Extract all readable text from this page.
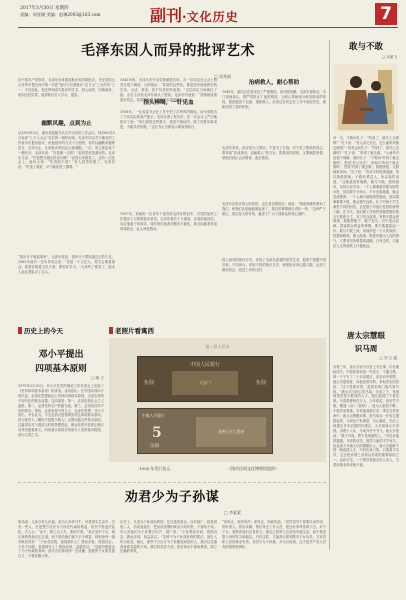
2017年3月30日 星期四
责编：刘亚晓 美编：赵琳2003@163.com	副刊·文化历史	7
毛泽东因人而异的批评艺术
□ 邓秀娟
在中国共产党领导，毛泽东向来重视批评和自我批评，并在党的五大作风中提出向中第一次把“批评与自我批评”定义为“三大作风”之一。不仅如此，他还特别讲究批评的艺术，因人而异，因事而异，收到良好效果，值得我们后人学习、借鉴。
幽默风趣，点到为止
从1959年3月，湖北省委秘书长召开全省的工作会议。到1962年5月参加“七千人大会”以后的一段时间里，毛泽东同志对于湖北的工作曾多次提出批评，但他批评的方式十分独特，有的以幽默风趣的语言，点到为止，让被批评的同志心悦诚服。一次，省主席赵某下一趟长沙，毛泽东说：“你是哪一边的？”赵回答说是湖北的，毛泽东又说：“你是想当湖北的省长啊？”说得大家都笑了。还有一次在会上，他问大家：“吃得饱不饱？”有人回答吃饱了，毛泽东说：“吃饱了就好，可不能吃饱了撑着。”
“知识分子做起事来”，毛泽东常说，知识分子要知道自己的不足。1961年他对一位负责同志说：“你是一个文化人，要学会尊重群众。我看你就是文化不高，要好好学习。”大家听了都笑了，他本人也红着脸点了点头。
1943年秋，毛泽东在中央党校做报告时，对一位同志在大会上的发言很不满意，当即指出：“你讲的这些话，都是没有调查研究的空话、大话、套话，是不负责任的表现。”这位同志当场就红了脸，会后主动找毛泽东承认了错误。毛泽东对他说：“知错就改就是好同志，希望你以后多到基层去调查研究。”
指头棒喝，一针见血
1958年，一位省委书记在工作中犯了浮夸风的错误，向中央报告了不切实际的高产数字。毛泽东看了报告后，在一次会议上严厉地批评了他：“你们报的这些数字，我是不相信的。做工作要实事求是，不能弄虚作假。”这位书记当即表示要深刻检讨。
1957年，某地的一位青年干部在给毛泽东的信中，对党的某些工作提出了尖锐的批评意见。毛泽东看后十分重视，亲笔给他回信，肯定他敢于说真话，同时指出他看问题有片面性，要全面地看待成绩和缺点，此人深受感动。
治病救人，耐心帮助
1945年，某同志在延安犯了严重错误，被开除党籍。毛泽东得知后，专门找他谈心，既严肃批评了他的错误，又耐心帮助他分析犯错误的原因，鼓励他放下包袱，重新做人。后来这位同志在工作中表现突出，重新回到了党的怀抱。
毛泽东常说，批评是为了团结，不是为了打倒。对于犯了错误的同志，要采取“惩前毖后，治病救人”的方针，既要坚持原则，又要满腔热情，使他们真正认识错误、改正错误。
毛泽东在批评别人的同时，也注意自我批评。他说：“错误和挫折教训了我们，使我们比较地聪明起来了，我们的事情就办得好一些。”这种严于律己、宽以待人的作风，赢得了广大干部群众的衷心拥护。
因人而异的批评方式，体现了毛泽东高超的领导艺术。他善于根据不同对象、不同场合，采取不同的批评方法，使被批评者心服口服，达到了团结同志、改进工作的目的。
敢与不敢
□ 吴丽飞
有一天，子路问孔子：“听到了，就马上去做吗？”孔子说：“有父亲兄长在，怎么能听到就去做呢？”冉有也问孔子：“听到了，就马上去做吗？”孔子说：“听到了就去做。”公西华对此很不理解，就问孔子：“子路问‘听到了就去做吗’，您说‘有父兄在’；冉有问‘听到了就去做吗’，您说‘听到了就去做’。我很困惑，大胆地来问问。”孔子说：“冉求平时做事退缩，所以我鼓励他；子路好勇过人，所以我约束他。”这就是因材施教。敢与不敢，看似简单，实则大有学问。一个人做事敢作敢为固然可贵，但如果不分场合、不计后果地敢，就会变成鲁莽；一个人谨小慎微固然稳妥，但如果事事都不敢，就会错失良机。孔子对两个学生截然不同的回答，正是基于对他们性格的深刻了解。在今天，我们做工作同样需要把握好敢与不敢的分寸。对于符合原则、有利于群众的事情，要敢想敢干、敢于担当；对于违反纪律、损害群众利益的事情，要不敢越雷池一步。敢与不敢之间，体现的是一个人的原则、智慧和修养。做人做事，既要有敢为人先的勇气，又要有知所敬畏的清醒。只有这样，才能在人生的道路上行稳致远。
历史上的今天
邓小平提出
四项基本原则
□ 晓 文
1979年3月30日，邓小平在党的理论工作务虚会上发表了《坚持四项基本原则》的讲话。讲话指出：在中国实现四个现代化，必须在思想政治上坚持四项基本原则。这是实现四个现代化的根本前提。这四项是：第一，必须坚持社会主义道路；第二，必须坚持无产阶级专政；第三，必须坚持共产党的领导；第四，必须坚持马列主义、毛泽东思想。邓小平指出，中央认为，今天必须反复强调坚持这四项基本原则，因为某些人（哪怕只是极少数人）企图动摇这些基本原则。这篇讲话对于澄清当时的思想混乱，保证改革开放的正确方向具有重要意义。四项基本原则后来被写入党的基本路线，成为立国之本。
老照片看寓西
第二套人民币
中国人民银行
天安门
伍圆	伍圆
中國人民銀行
5	各族人民大团结
伍圆
1956 年发行伍元	（钱币民间文化博物馆提供）
唐太宗慧眼
识马周
□ 刘 文 越
贞观三年，唐太宗诏令百官上书言事，讨论朝政得失。中郎将常何是一介武夫，不通文墨，却一下子写了二十多条建议，条条切中时弊，唐太宗很惊讶，问他是谁写的。常何老实回答说：“这不是我写的，是我家的门客马周写的。”唐太宗当即召见马周，交谈之下，发现他果然是个难得的人才，便让他到门下省任职。马周是博州茌平人，少年孤贫，但好学不倦，精通《诗》《春秋》。他为人豪放不羁，不被乡里看重。后来他西游长安，寄住在常何家中。唐太宗慧眼识珠，把马周从一介布衣提拔起来，马周也不负重望，尽心辅佐，先后上疏提出许多治国的好建议，大多被唐太宗采纳。贞观十八年，马周升任中书令。唐太宗曾说：“我于马周，暂不见则便思之。”可见对他的器重。马周的成功，固然与他的才学有关，但也离不开唐太宗的慧眼识人。唐太宗能够不拘一格选拔人才，不问出身门第，只看真才实学，这正是贞观之治得以形成的重要原因之一。由此可见，一个领导者能否识人用人，关系到事业的成败兴衰。
劝君少为子孙谋
□ 李素素
俗话说：儿孙自有儿孙福，莫为儿孙作马牛。可是现实生活中，总有一些人，总是想方设法为子孙后代谋取利益，甚至不惜违法乱纪。古人云：“爱子，教之以义方，弗纳于邪。”真正爱护子女，就应该教育他们走正道，而不是给他们留下多少财富。林则徐有一副对联说得好：“子孙若如我，留钱做什么？贤而多财，则损其志；子孙不如我，留钱做什么？愚而多财，益增其过。”这副对联道出了为子孙谋的真谛。清代名臣林则徐一生清廉，他教育子女要自强自立，不要依赖父辈。
历史上，凡是为子孙谋私利的，往往适得其反。汉代疏广、疏受叔侄二人，功成身退后，把皇帝赏赐的黄金分给乡里，不留给子孙。有人劝他们为子孙置办田产，疏广说：“子孙贤而多财，则损其志；愚而多财，则益其过。”这种不为子孙谋私利的做法，被后人传为佳话。相反，那些千方百计为子孙聚敛财富的人，最后往往落得身败名裂的下场。我们的党员干部，更应该从中汲取教训，树立正确的家风。
“家风正，则民风淳；家风正，则政风清。”党员领导干部要以身作则，管好家人、管好亲属、管好身边工作人员，把良好家风传承下去。对于子女，要教育他们自食其力，靠自己的努力去创造幸福生活，而不是依靠父母的权力和地位。只有这样，才能真正做到既对子女负责，又对党和人民的事业负责。劝君少为子孙谋，多为百姓谋，这才是共产党人应有的境界和情怀。
